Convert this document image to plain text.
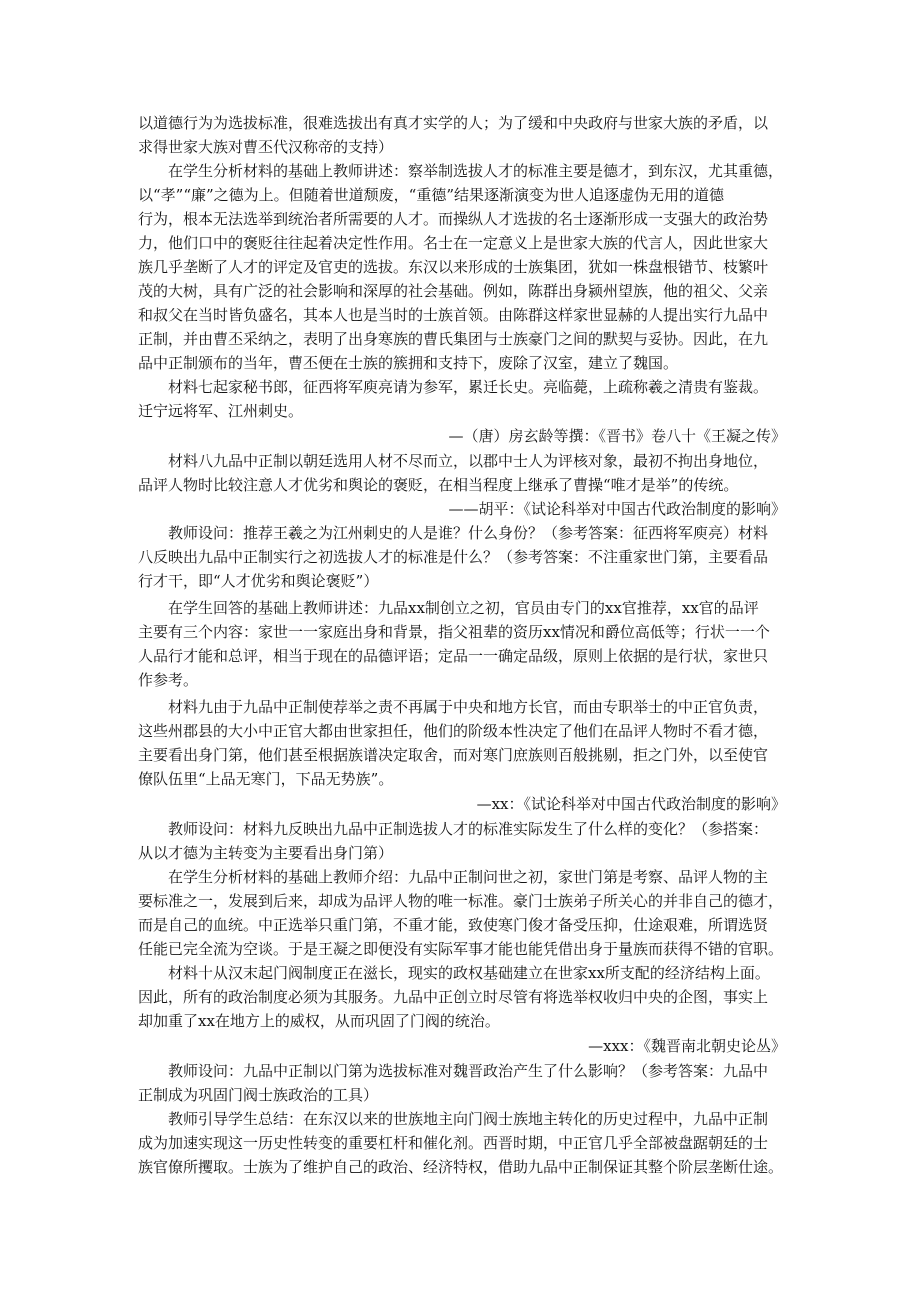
以道德行为为选拔标准，很难选拔出有真才实学的人；为了缓和中央政府与世家大族的矛盾，以
求得世家大族对曹丕代汉称帝的支持）
　　在学生分析材料的基础上教师讲述：察举制选拔人才的标准主要是德才，到东汉，尤其重德，
以“孝”“廉”之德为上。但随着世道颓废，“重德”结果逐渐演变为世人追逐虚伪无用的道德
行为，根本无法选举到统治者所需要的人才。而操纵人才选拔的名士逐渐形成一支强大的政治势
力，他们口中的褒贬往往起着决定性作用。名士在一定意义上是世家大族的代言人，因此世家大
族几乎垄断了人才的评定及官吏的选拔。东汉以来形成的士族集团，犹如一株盘根错节、枝繁叶
茂的大树，具有广泛的社会影响和深厚的社会基础。例如，陈群出身颍州望族，他的祖父、父亲
和叔父在当时皆负盛名，其本人也是当时的士族首领。由陈群这样家世显赫的人提出实行九品中
正制，并由曹丕采纳之，表明了出身寒族的曹氏集团与士族豪门之间的默契与妥协。因此，在九
品中正制颁布的当年，曹丕便在士族的簇拥和支持下，废除了汉室，建立了魏国。
　　材料七起家秘书郎，征西将军庾亮请为参军，累迁长史。亮临薨，上疏称羲之清贵有鉴裁。
迁宁远将军、江州刺史。
—（唐）房玄龄等撰：《晋书》卷八十《王凝之传》
　　材料八九品中正制以朝廷选用人材不尽而立，以郡中士人为评核对象，最初不拘出身地位，
品评人物时比较注意人才优劣和舆论的褒贬，在相当程度上继承了曹操“唯才是举”的传统。
——胡平：《试论科举对中国古代政治制度的影响》
　　教师设问：推荐王羲之为江州刺史的人是谁？什么身份？（参考答案：征西将军庾亮）材料
八反映出九品中正制实行之初选拔人才的标准是什么？（参考答案：不注重家世门第，主要看品
行才干，即“人才优劣和舆论褒贬”）
　　在学生回答的基础上教师讲述：九品xx制创立之初，官员由专门的xx官推荐，xx官的品评
主要有三个内容：家世一一家庭出身和背景，指父祖辈的资历xx情况和爵位高低等；行状一一个
人品行才能和总评，相当于现在的品德评语；定品一一确定品级，原则上依据的是行状，家世只
作参考。
　　材料九由于九品中正制使荐举之责不再属于中央和地方长官，而由专职举士的中正官负责，
这些州郡县的大小中正官大都由世家担任，他们的阶级本性决定了他们在品评人物时不看才德，
主要看出身门第，他们甚至根据族谱决定取舍，而对寒门庶族则百般挑剔，拒之门外，以至使官
僚队伍里“上品无寒门，下品无势族”。
—xx：《试论科举对中国古代政治制度的影响》
　　教师设问：材料九反映出九品中正制选拔人才的标准实际发生了什么样的变化？（参搭案：
从以才德为主转变为主要看出身门第）
　　在学生分析材料的基础上教师介绍：九品中正制问世之初，家世门第是考察、品评人物的主
要标准之一，发展到后来，却成为品评人物的唯一标准。豪门士族弟子所关心的并非自己的德才，
而是自己的血统。中正选举只重门第，不重才能，致使寒门俊才备受压抑，仕途艰难，所谓选贤
任能已完全流为空谈。于是王凝之即便没有实际军事才能也能凭借出身于量族而获得不错的官职。
　　材料十从汉末起门阀制度正在滋长，现实的政权基础建立在世家xx所支配的经济结构上面。
因此，所有的政治制度必须为其服务。九品中正创立时尽管有将选举权收归中央的企图，事实上
却加重了xx在地方上的威权，从而巩固了门阀的统治。
—xxx：《魏晋南北朝史论丛》
　　教师设问：九品中正制以门第为选拔标准对魏晋政治产生了什么影响？（参考答案：九品中
正制成为巩固门阀士族政治的工具）
　　教师引导学生总结：在东汉以来的世族地主向门阀士族地主转化的历史过程中，九品中正制
成为加速实现这一历史性转变的重要杠杆和催化剂。西晋时期，中正官几乎全部被盘踞朝廷的士
族官僚所攫取。士族为了维护自己的政治、经济特权，借助九品中正制保证其整个阶层垄断仕途。
